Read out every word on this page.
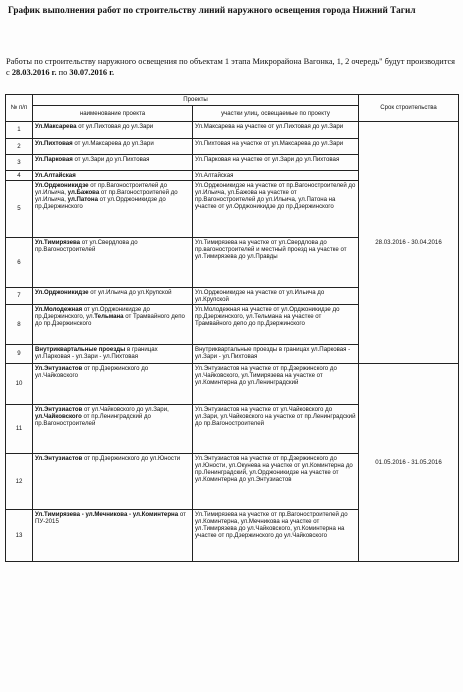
График выполнения работ по строительству линий наружного освещения города Нижний Тагил
Работы по строительству наружного освещения по объектам 1 этапа Микрорайона Вагонка, 1, 2 очередь" будут производится с 28.03.2016 г. по 30.07.2016 г.
№ п/п	Проекты		Срок строительства
	наименование проекта	участки улиц, освещаемые по проекту	
1	Ул.Максарева от ул.Пихтовая до ул.Зари	Ул.Максарева на участке от ул.Пихтовая до ул.Зари	28.03.2016 - 30.04.2016
2	Ул.Пихтовая от ул.Максарева до ул.Зари	Ул.Пихтовая на участке от ул.Максарева до ул.Зари	
3	Ул.Парковая от ул.Зари до ул.Пихтовая	Ул.Парковая на участке от ул.Зари до ул.Пихтовая	
4	Ул.Алтайская	Ул.Алтайская	
5	Ул.Орджоникидзе от пр.Вагоностроителей до ул.Ильича, ул.Бажова от пр.Вагоностроителей до ул.Ильича, ул.Патона от ул.Орджоникидзе до пр.Дзержинского	Ул.Орджоникидзе на участке от пр.Вагоностроителей до ул.Ильича, ул.Бажова на участке от пр.Вагоностроителей до ул.Ильича, ул.Патона на участке от ул.Орджоникидзе до пр.Дзержинского	
6	Ул.Тимирязева от ул.Свердлова до пр.Вагоностроителей	Ул.Тимирязева на участке от ул.Свердлова до пр.вагоностроителей и местный проезд на участке от ул.Тимирязева до ул.Правды	
7	Ул.Орджоникидзе от ул.Ильича до ул.Крупской	Ул.Орджоникидзе на участке от ул.Ильича до ул.Крупской	
8	Ул.Молодежная от ул.Орджоникидзе до пр.Дзержинского, ул.Тельмана от Трамвайного депо до пр.Дзержинского	Ул.Молодежная на участке от ул.Орджоникидзе до пр.Дзержинского, ул.Тельмана на участке от Трамвайного депо до пр.Дзержинского	
9	Внутриквартальные проезды в границах ул.Парковая - ул.Зари - ул.Пихтовая	Внутриквартальные проезды в границах ул.Парковая - ул.Зари - ул.Пихтовая	
10	Ул.Энтузиастов от пр.Дзержинского до ул.Чайковского	Ул.Энтузиастов на участке от пр.Дзержинского до ул.Чайковского, ул.Тимирязева на участке от ул.Коминтерна до ул.Ленинградский	01.05.2016 - 31.05.2016
11	Ул.Энтузиастов от ул.Чайковского до ул.Зари, ул.Чайковского от пр.Ленинградский до пр.Вагоностроителей	Ул.Энтузиастов на участке от ул.Чайковского до ул.Зари, ул.Чайковского на участке от пр.Ленинградский до пр.Вагоностроителей	
12	Ул.Энтузиастов от пр.Дзержинского до ул.Юности	Ул.Энтузиастов на участке от пр.Дзержинского до ул.Юности, ул.Окунева на участке от ул.Коминтерна до пр.Ленинградский, ул.Орджоникидзе на участке от ул.Коминтерна до ул.Энтузиастов	
13	Ул.Тимирязева - ул.Мечникова - ул.Коминтерна от ПУ-2015	Ул.Тимирязева на участке от пр.Вагоностроителей до ул.Коминтерна, ул.Мечникова на участке от ул.Тимирязева до ул.Чайковского, ул.Коминтерна на участке от пр.Дзержинского до ул.Чайковского	
